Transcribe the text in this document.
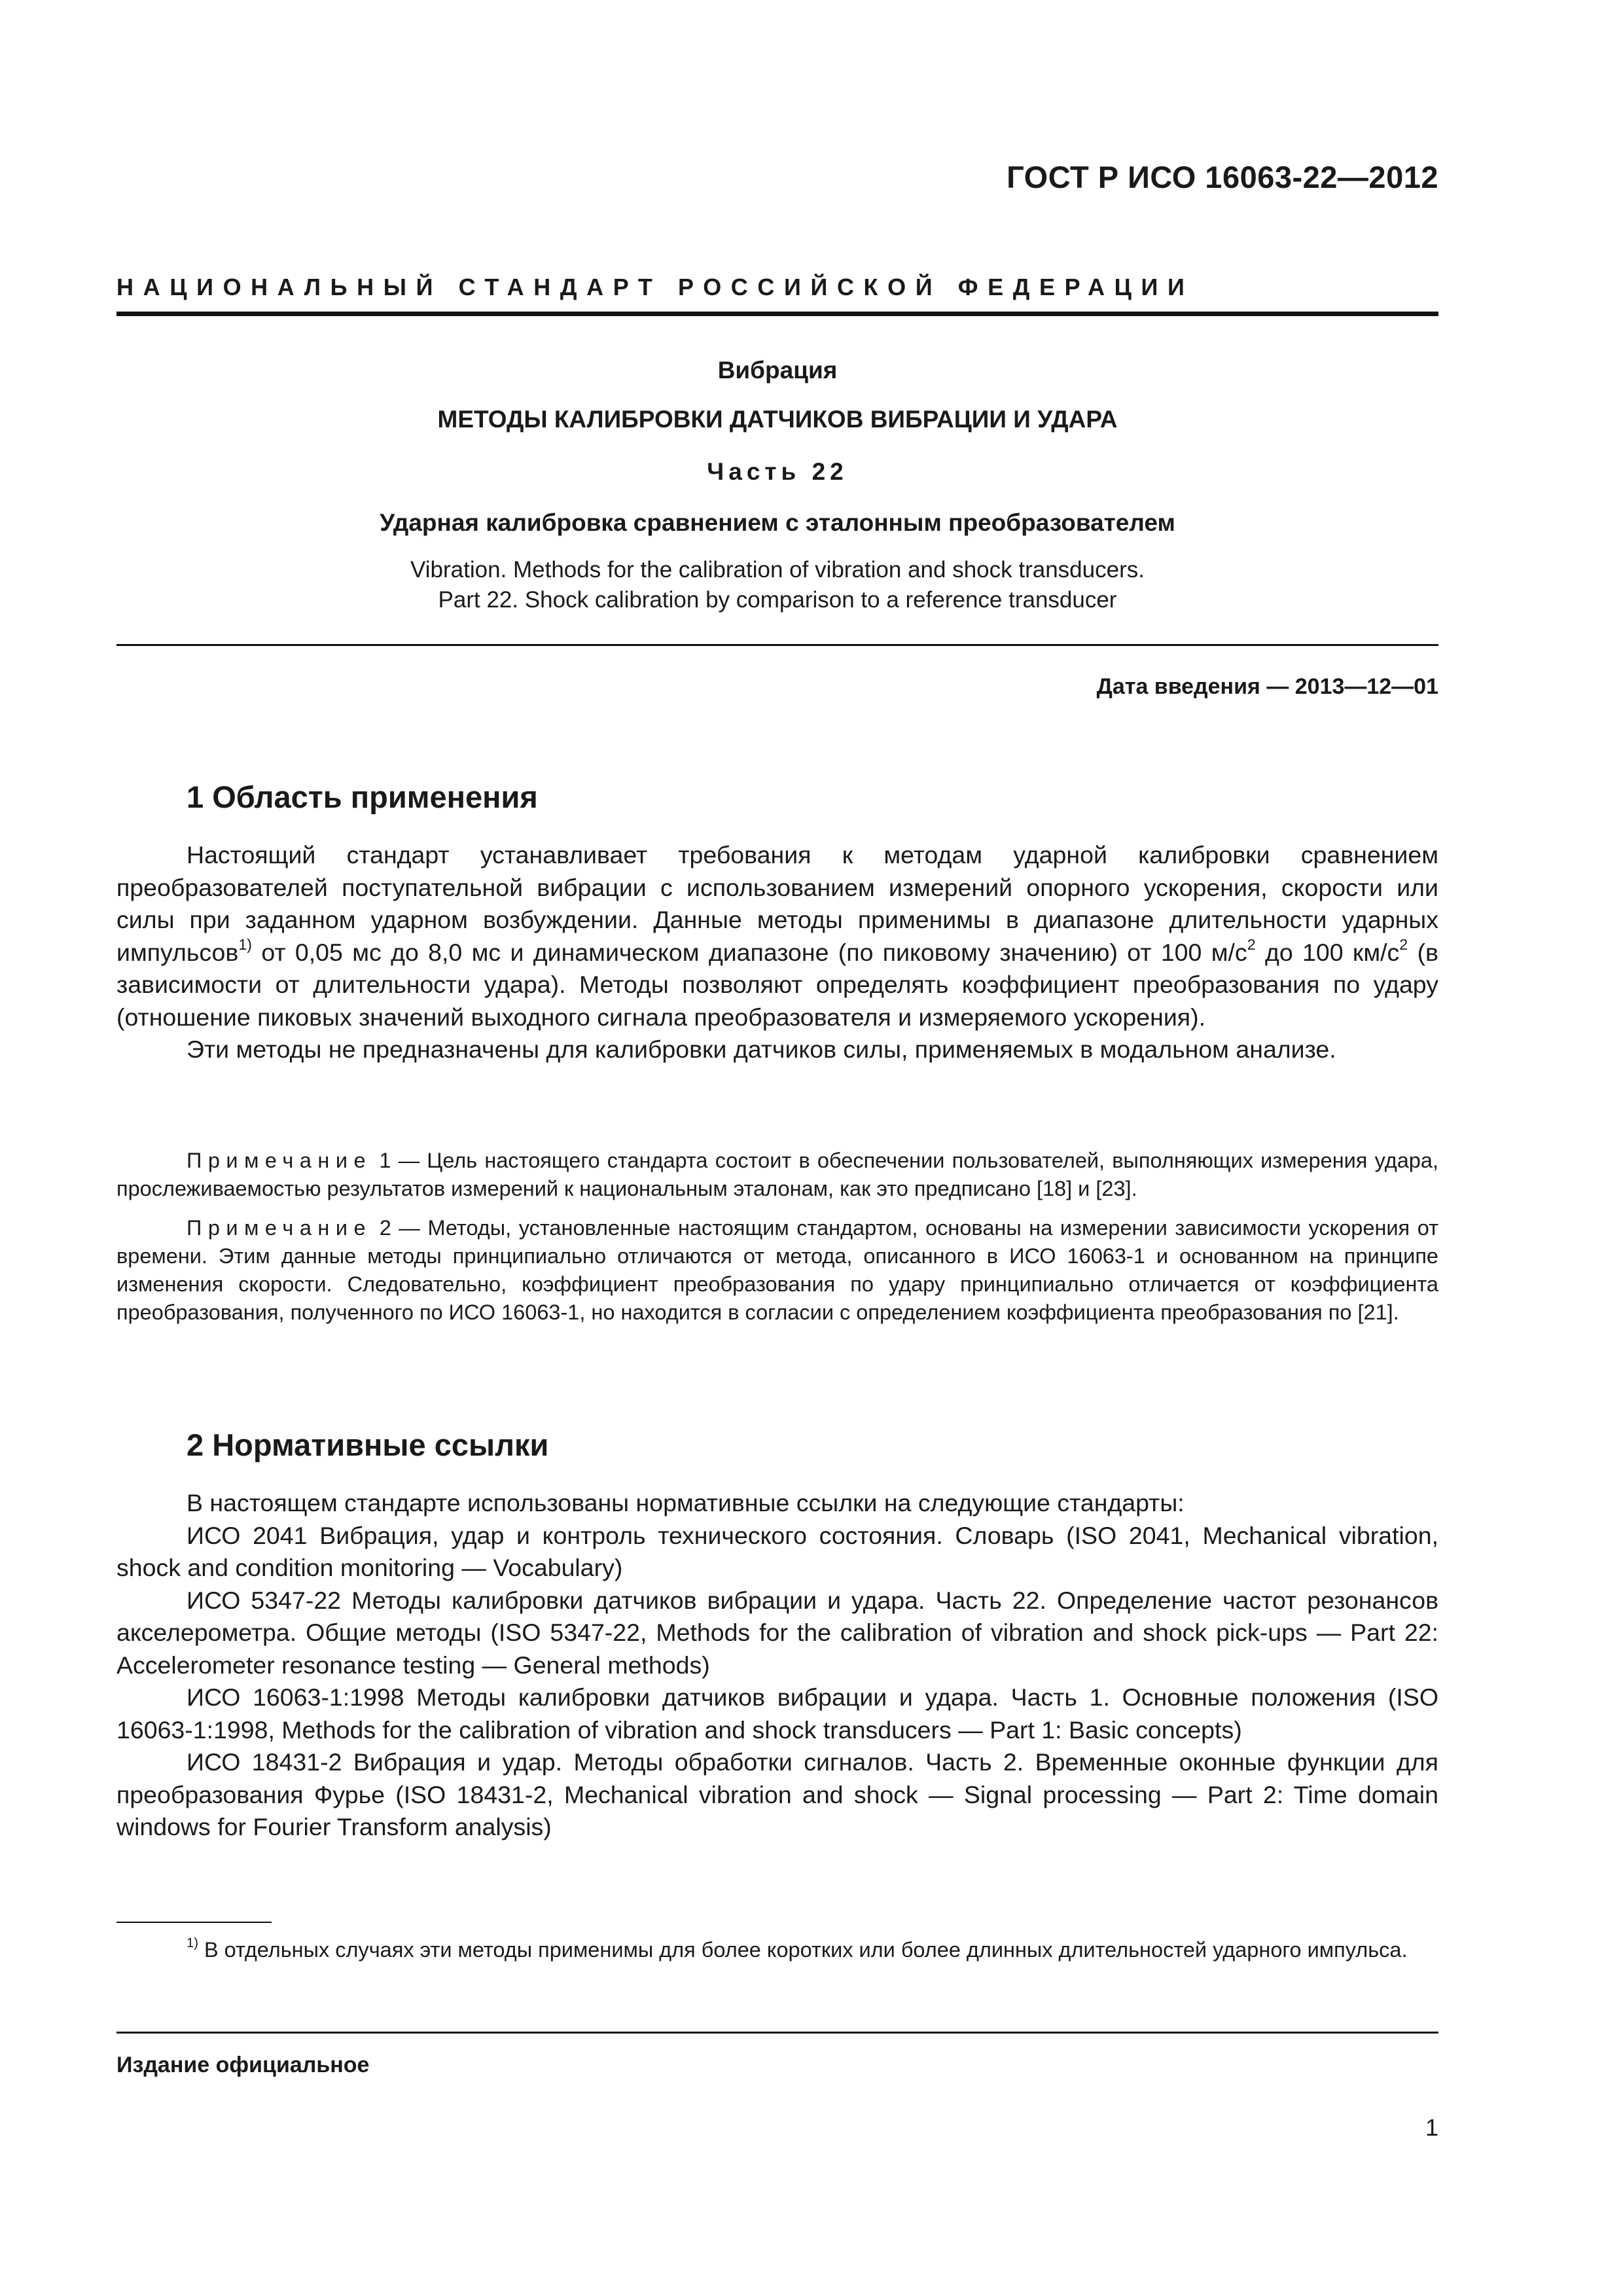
ГОСТ Р ИСО 16063-22—2012
НАЦИОНАЛЬНЫЙ СТАНДАРТ РОССИЙСКОЙ ФЕДЕРАЦИИ
Вибрация
МЕТОДЫ КАЛИБРОВКИ ДАТЧИКОВ ВИБРАЦИИ И УДАРА
Часть 22
Ударная калибровка сравнением с эталонным преобразователем
Vibration. Methods for the calibration of vibration and shock transducers.
Part 22. Shock calibration by comparison to a reference transducer
Дата введения — 2013—12—01
1 Область применения

Настоящий стандарт устанавливает требования к методам ударной калибровки сравнением преобразователей поступательной вибрации с использованием измерений опорного ускорения, скорости или силы при заданном ударном возбуждении. Данные методы применимы в диапазоне длительности ударных импульсов$^{1)}$ от 0,05 мс до 8,0 мс и динамическом диапазоне (по пиковому значению) от 100 $м/с^2$ до 100 $км/с^2$ (в зависимости от длительности удара). Методы позволяют определять коэффициент преобразования по удару (отношение пиковых значений выходного сигнала преобразователя и измеряемого ускорения).

Эти методы не предназначены для калибровки датчиков силы, применяемых в модальном анализе.

Примечание 1 — Цель настоящего стандарта состоит в обеспечении пользователей, выполняющих измерения удара, прослеживаемостью результатов измерений к национальным эталонам, как это предписано [18] и [23].

Примечание 2 — Методы, установленные настоящим стандартом, основаны на измерении зависимости ускорения от времени. Этим данные методы принципиально отличаются от метода, описанного в ИСО 16063-1 и основанном на принципе изменения скорости. Следовательно, коэффициент преобразования по удару принципиально отличается от коэффициента преобразования, полученного по ИСО 16063-1, но находится в согласии с определением коэффициента преобразования по [21].

2 Нормативные ссылки

В настоящем стандарте использованы нормативные ссылки на следующие стандарты:

ИСО 2041 Вибрация, удар и контроль технического состояния. Словарь (ISO 2041, Mechanical vibration, shock and condition monitoring — Vocabulary)

ИСО 5347-22 Методы калибровки датчиков вибрации и удара. Часть 22. Определение частот резонансов акселерометра. Общие методы (ISO 5347-22, Methods for the calibration of vibration and shock pick-ups — Part 22: Accelerometer resonance testing — General methods)

ИСО 16063-1:1998 Методы калибровки датчиков вибрации и удара. Часть 1. Основные положения (ISO 16063-1:1998, Methods for the calibration of vibration and shock transducers — Part 1: Basic concepts)

ИСО 18431-2 Вибрация и удар. Методы обработки сигналов. Часть 2. Временные оконные функции для преобразования Фурье (ISO 18431-2, Mechanical vibration and shock — Signal processing — Part 2: Time domain windows for Fourier Transform analysis)

$^{1)}$ В отдельных случаях эти методы применимы для более коротких или более длинных длительностей ударного импульса.

Издание официальное
1
